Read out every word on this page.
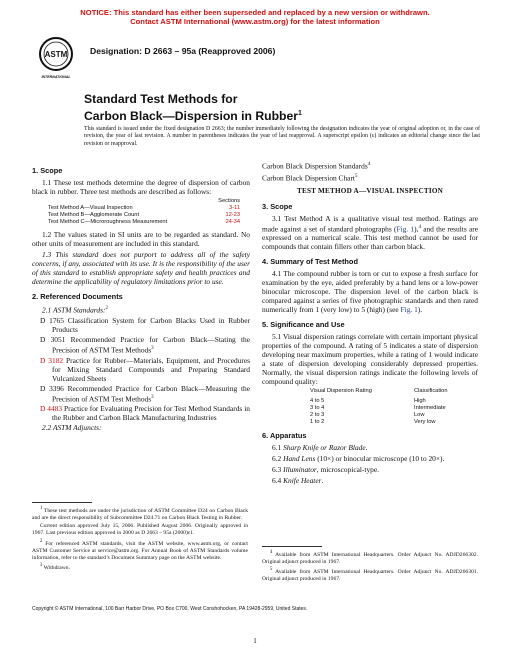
NOTICE: This standard has either been superseded and replaced by a new version or withdrawn.
Contact ASTM International (www.astm.org) for the latest information
ASTM
INTERNATIONAL
Designation: D 2663 – 95a (Reapproved 2006)
Standard Test Methods for
Carbon Black—Dispersion in Rubber$^1$
This standard is issued under the fixed designation D 2663; the number immediately following the designation indicates the year of original adoption or, in the case of revision, the year of last revision. A number in parentheses indicates the year of last reapproval. A superscript epsilon (ε) indicates an editorial change since the last revision or reapproval.
1. Scope

1.1 These test methods determine the degree of dispersion of carbon black in rubber. Three test methods are described as follows:

Sections
Test Method A—Visual Inspection	3-11
Test Method B—Agglomerate Count	12-23
Test Method C—Microroughness Measurement	24-34

1.2 The values stated in SI units are to be regarded as standard. No other units of measurement are included in this standard.

1.3 This standard does not purport to address all of the safety concerns, if any, associated with its use. It is the responsibility of the user of this standard to establish appropriate safety and health practices and determine the applicability of regulatory limitations prior to use.

2. Referenced Documents

2.1 ASTM Standards:$^2$

D 1765 Classification System for Carbon Blacks Used in Rubber Products

D 3051 Recommended Practice for Carbon Black—Stating the Precision of ASTM Test Methods$^3$

D 3182 Practice for Rubber—Materials, Equipment, and Procedures for Mixing Standard Compounds and Preparing Standard Vulcanized Sheets

D 3396 Recommended Practice for Carbon Black—Measuring the Precision of ASTM Test Methods$^3$

D 4483 Practice for Evaluating Precision for Test Method Standards in the Rubber and Carbon Black Manufacturing Industries

2.2 ASTM Adjuncts:

$^1$ These test methods are under the jurisdiction of ASTM Committee D24 on Carbon Black and are the direct responsibility of Subcommittee D24.71 on Carbon Black Testing in Rubber.

Current edition approved July 15, 2006. Published August 2006. Originally approved in 1967. Last previous edition approved in 2000 as D 2663 – 95a (2000)ε1.

$^2$ For referenced ASTM standards, visit the ASTM website, www.astm.org, or contact ASTM Customer Service at service@astm.org. For Annual Book of ASTM Standards volume information, refer to the standard’s Document Summary page on the ASTM website.

$^3$ Withdrawn.

Carbon Black Dispersion Standards$^4$

Carbon Black Dispersion Chart$^5$

TEST METHOD A—VISUAL INSPECTION
3. Scope

3.1 Test Method A is a qualitative visual test method. Ratings are made against a set of standard photographs (Fig. 1),$^4$ and the results are expressed on a numerical scale. This test method cannot be used for compounds that contain fillers other than carbon black.

4. Summary of Test Method

4.1 The compound rubber is torn or cut to expose a fresh surface for examination by the eye, aided preferably by a hand lens or a low-power binocular microscope. The dispersion level of the carbon black is compared against a series of five photographic standards and then rated numerically from 1 (very low) to 5 (high) (see Fig. 1).

5. Significance and Use

5.1 Visual dispersion ratings correlate with certain important physical properties of the compound. A rating of 5 indicates a state of dispersion developing near maximum properties, while a rating of 1 would indicate a state of dispersion developing considerably depressed properties. Normally, the visual dispersion ratings indicate the following levels of compound quality:

Visual Dispersion Rating	Classification
4 to 5	High
3 to 4	Intermediate
2 to 3	Low
1 to 2	Very low
6. Apparatus

6.1 Sharp Knife or Razor Blade.

6.2 Hand Lens (10×) or binocular microscope (10 to 20×).

6.3 Illuminator, microscopical-type.

6.4 Knife Heater.

$^4$ Available from ASTM International Headquarters. Order Adjunct No. ADJD266302. Original adjunct produced in 1967.

$^5$ Available from ASTM International Headquarters. Order Adjunct No. ADJD266301. Original adjunct produced in 1967.

Copyright © ASTM International, 100 Barr Harbor Drive, PO Box C700, West Conshohocken, PA 19428-2959, United States.
1
